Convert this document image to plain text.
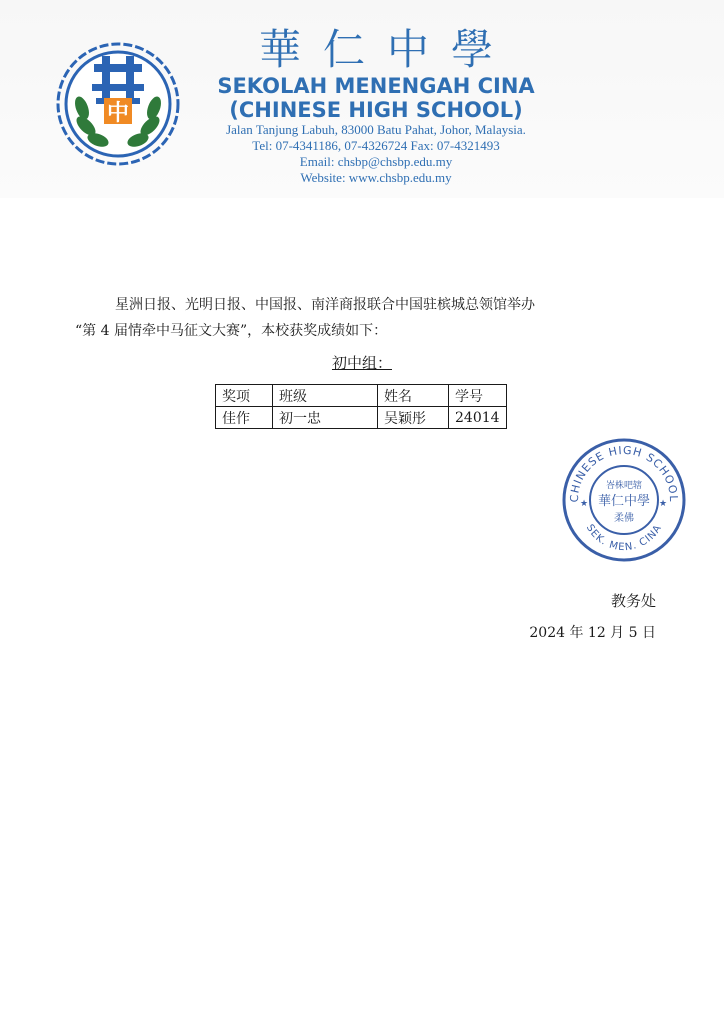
中
華仁中學
SEKOLAH MENENGAH CINA
(CHINESE HIGH SCHOOL)
Jalan Tanjung Labuh, 83000 Batu Pahat, Johor, Malaysia.
Tel: 07-4341186, 07-4326724 Fax: 07-4321493
Email: chsbp@chsbp.edu.my
Website: www.chsbp.edu.my
星洲日报、光明日报、中国报、南洋商报联合中国驻槟城总领馆举办
“第 4 届情牵中马征文大赛”，本校获奖成绩如下：
初中组：
奖项	班级	姓名	学号
佳作	初一忠	吴颖彤	24014
CHINESE HIGH SCHOOL
SEK. MEN. CINA
★	★
峇株吧辖
華仁中學
柔佛
教务处
2024 年 12 月 5 日
